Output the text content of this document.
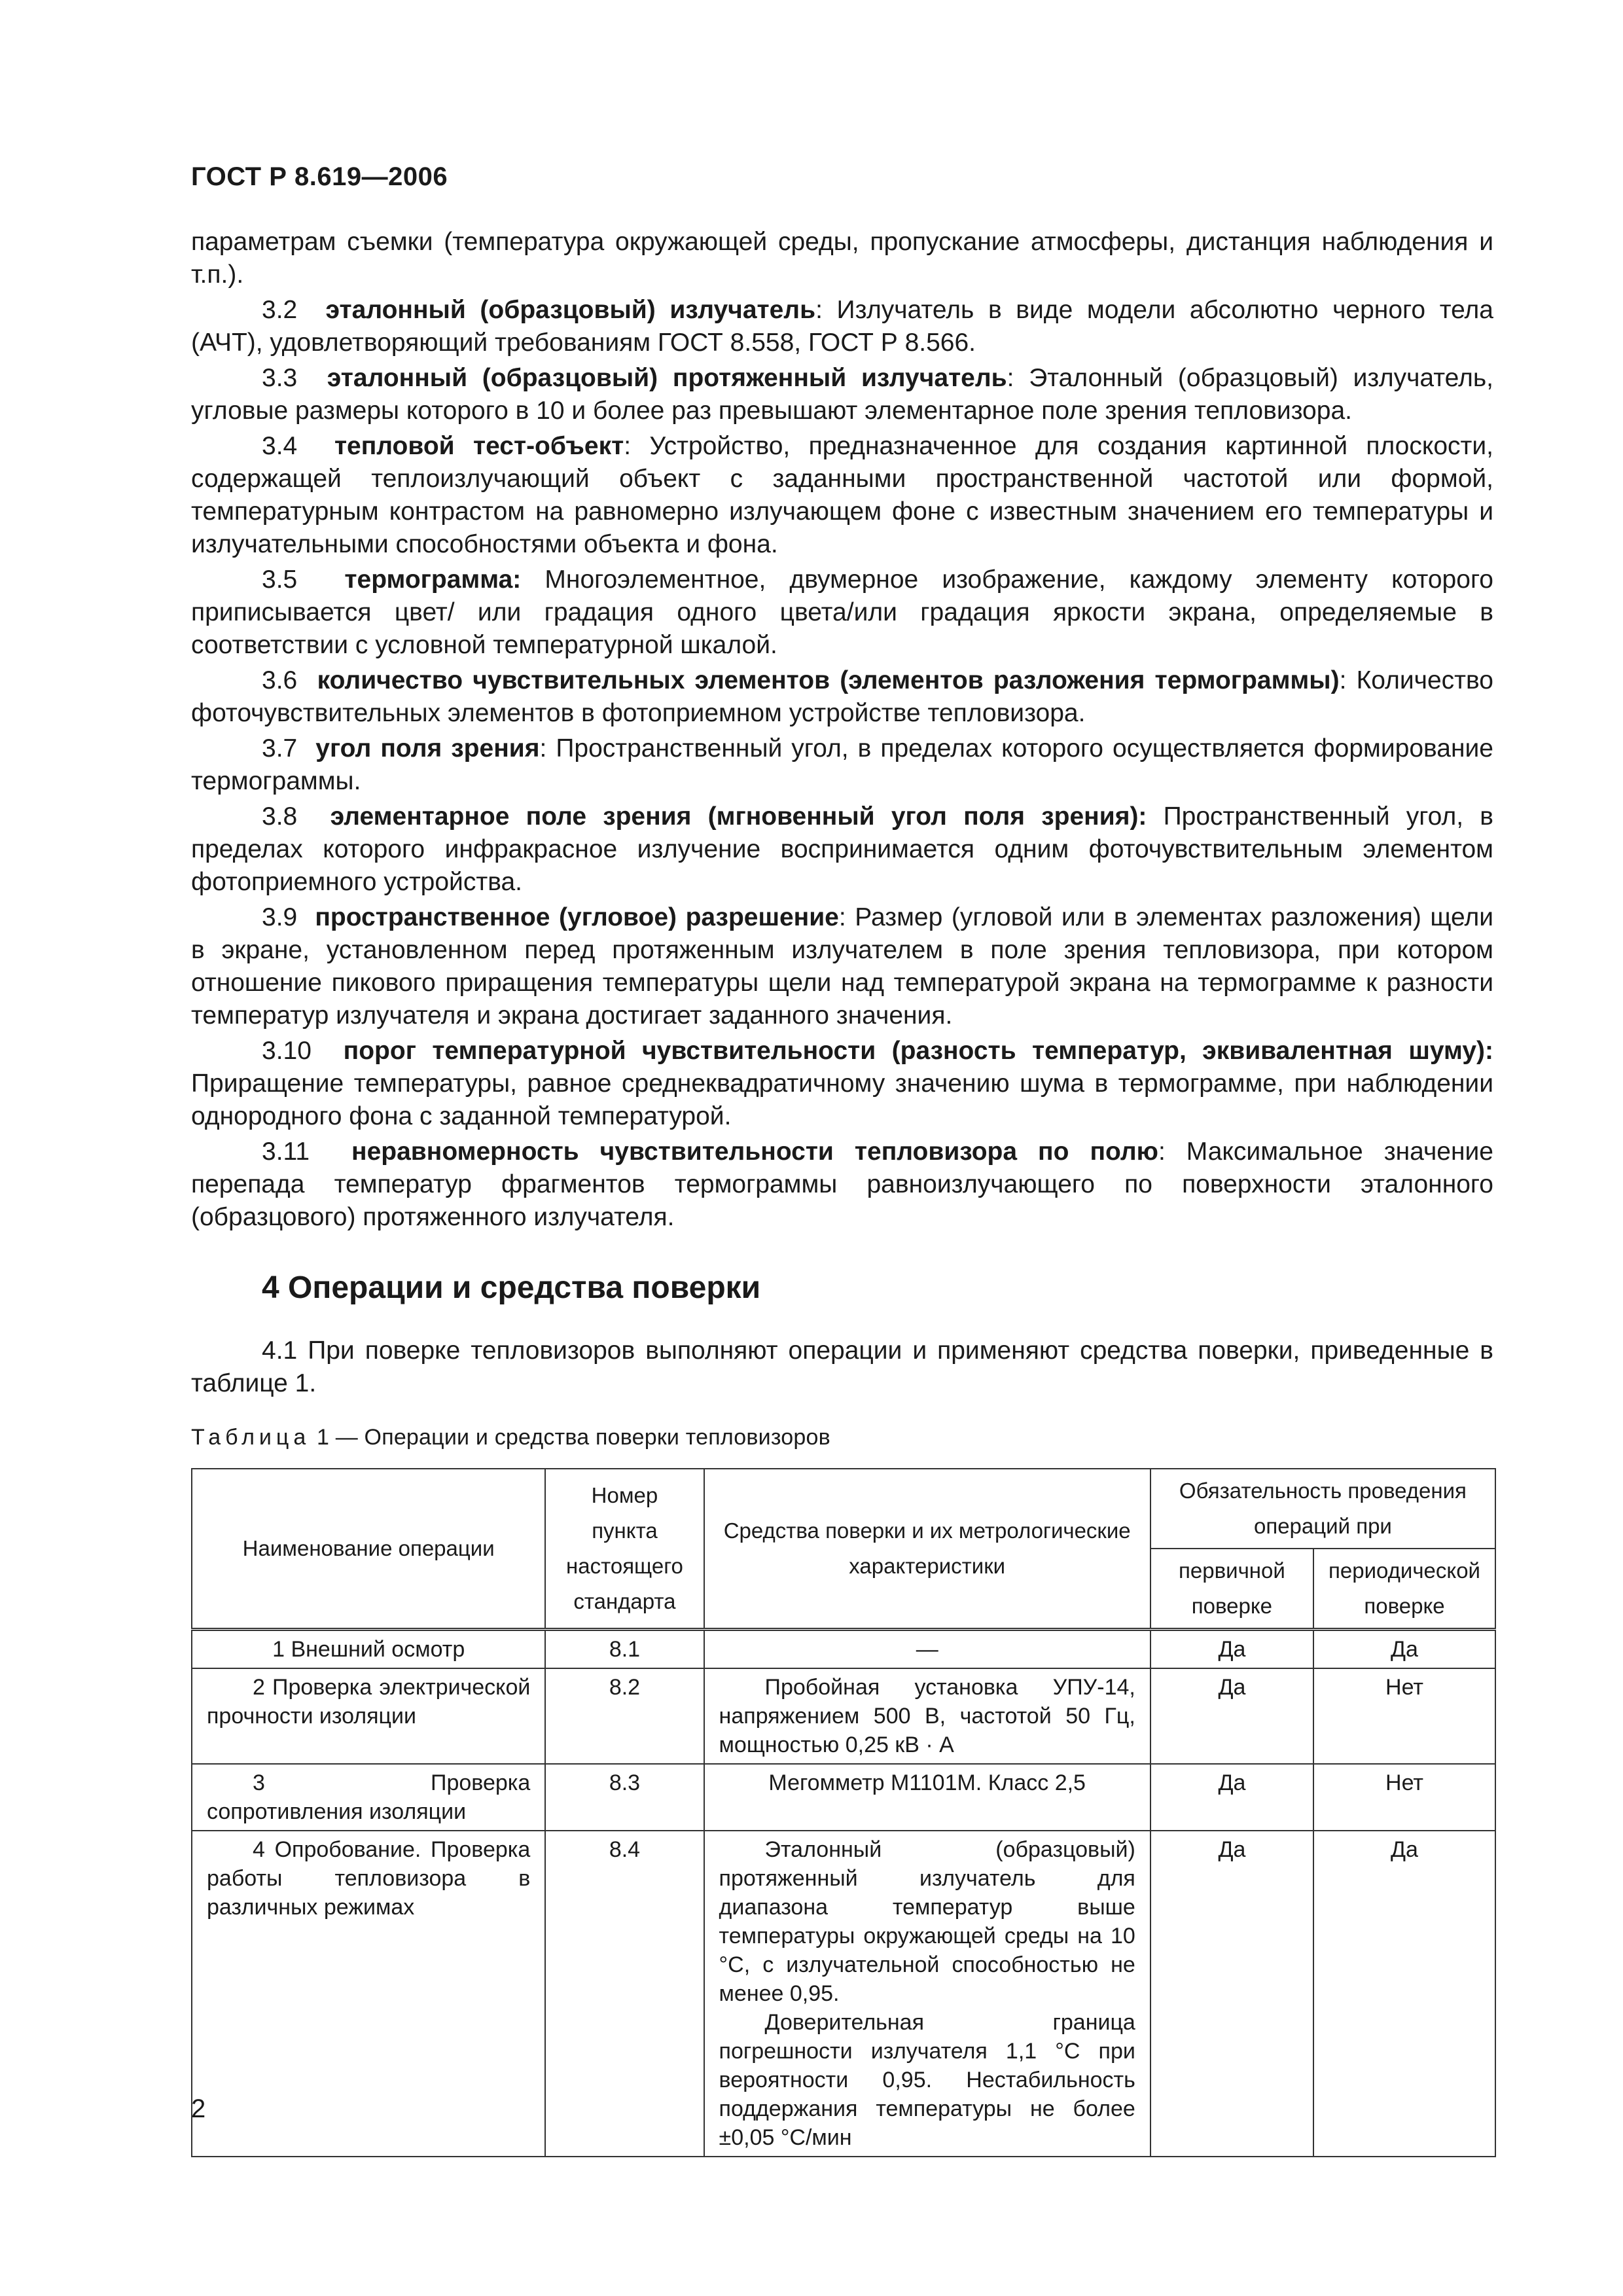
ГОСТ Р 8.619—2006

параметрам съемки (температура окружающей среды, пропускание атмосферы, дистанция наблюдения и т.п.).

3.2 эталонный (образцовый) излучатель: Излучатель в виде модели абсолютно черного тела (АЧТ), удовлетворяющий требованиям ГОСТ 8.558, ГОСТ Р 8.566.

3.3 эталонный (образцовый) протяженный излучатель: Эталонный (образцовый) излучатель, угловые размеры которого в 10 и более раз превышают элементарное поле зрения тепловизора.

3.4 тепловой тест-объект: Устройство, предназначенное для создания картинной плоскости, содержащей теплоизлучающий объект с заданными пространственной частотой или формой, температурным контрастом на равномерно излучающем фоне с известным значением его температуры и излучательными способностями объекта и фона.

3.5 термограмма: Многоэлементное, двумерное изображение, каждому элементу которого приписывается цвет/ или градация одного цвета/или градация яркости экрана, определяемые в соответствии с условной температурной шкалой.

3.6 количество чувствительных элементов (элементов разложения термограммы): Количество фоточувствительных элементов в фотоприемном устройстве тепловизора.

3.7 угол поля зрения: Пространственный угол, в пределах которого осуществляется формирование термограммы.

3.8 элементарное поле зрения (мгновенный угол поля зрения): Пространственный угол, в пределах которого инфракрасное излучение воспринимается одним фоточувствительным элементом фотоприемного устройства.

3.9 пространственное (угловое) разрешение: Размер (угловой или в элементах разложения) щели в экране, установленном перед протяженным излучателем в поле зрения тепловизора, при котором отношение пикового приращения температуры щели над температурой экрана на термограмме к разности температур излучателя и экрана достигает заданного значения.

3.10 порог температурной чувствительности (разность температур, эквивалентная шуму): Приращение температуры, равное среднеквадратичному значению шума в термограмме, при наблюдении однородного фона с заданной температурой.

3.11 неравномерность чувствительности тепловизора по полю: Максимальное значение перепада температур фрагментов термограммы равноизлучающего по поверхности эталонного (образцового) протяженного излучателя.

4 Операции и средства поверки

4.1 При поверке тепловизоров выполняют операции и применяют средства поверки, приведенные в таблице 1.

Таблица 1 — Операции и средства поверки тепловизоров
Наименование операции	Номер пункта настоящего стандарта	Средства поверки и их метрологические характеристики	Обязательность проведения операций при	
			первичной поверке	периодической поверке
1 Внешний осмотр	8.1	—	Да	Да
2 Проверка электрической прочности изоляции	8.2	Пробойная установка УПУ-14, напряжением 500 В, частотой 50 Гц, мощностью 0,25 кВ · А	Да	Нет
3 Проверка сопротивления изоляции	8.3	Мегомметр М1101М. Класс 2,5	Да	Нет
4 Опробование. Проверка работы тепловизора в различных режимах	8.4	Эталонный (образцовый) протяженный излучатель для диапазона температур выше температуры окружающей среды на 10 °С, с излучательной способностью не менее 0,95.
Доверительная граница погрешности излучателя 1,1 °С при вероятности 0,95. Нестабильность поддержания температуры не более ±0,05 °С/мин	Да	Да
2
